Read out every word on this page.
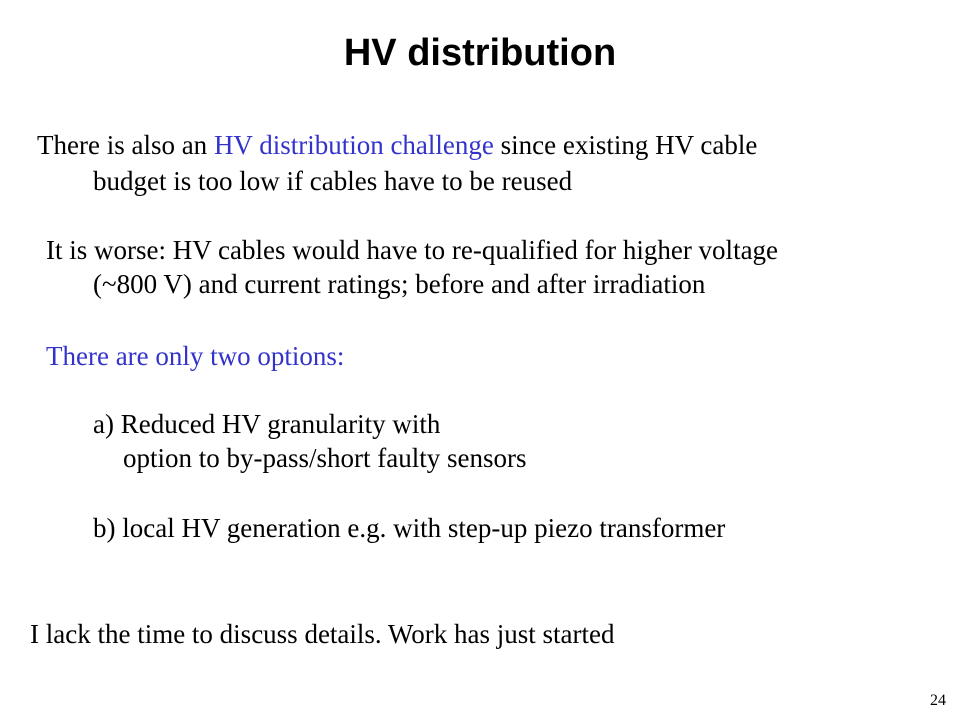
HV distribution
There is also an HV distribution challenge since existing HV cable
budget is too low if cables have to be reused
It is worse: HV cables would have to re-qualified for higher voltage
(~800 V) and current ratings; before and after irradiation
There are only two options:
a) Reduced HV granularity with
option to by-pass/short faulty sensors
b) local HV generation e.g. with step-up piezo transformer
I lack the time to discuss details. Work has just started
24
